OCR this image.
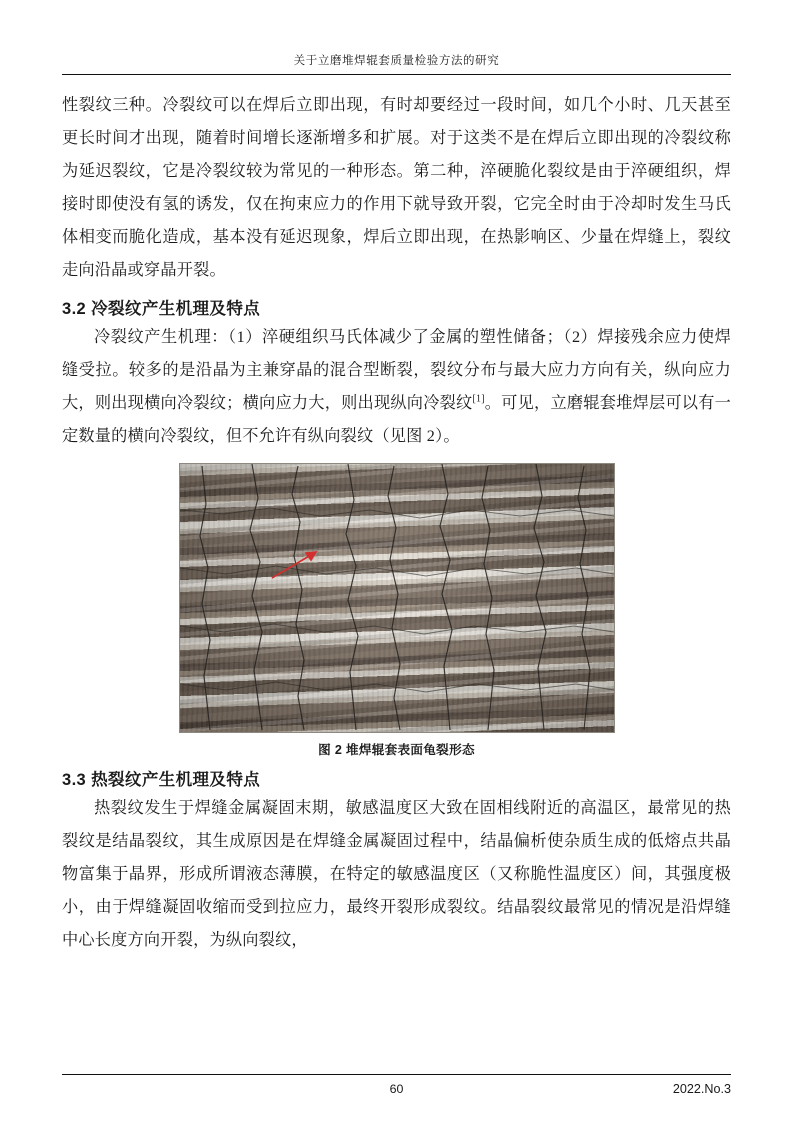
关于立磨堆焊辊套质量检验方法的研究

性裂纹三种。冷裂纹可以在焊后立即出现，有时却要经过一段时间，如几个小时、几天甚至更长时间才出现，随着时间增长逐渐增多和扩展。对于这类不是在焊后立即出现的冷裂纹称为延迟裂纹，它是冷裂纹较为常见的一种形态。第二种，淬硬脆化裂纹是由于淬硬组织，焊接时即使没有氢的诱发，仅在拘束应力的作用下就导致开裂，它完全时由于冷却时发生马氏体相变而脆化造成，基本没有延迟现象，焊后立即出现，在热影响区、少量在焊缝上，裂纹走向沿晶或穿晶开裂。

3.2 冷裂纹产生机理及特点

冷裂纹产生机理：（1）淬硬组织马氏体减少了金属的塑性储备；（2）焊接残余应力使焊缝受拉。较多的是沿晶为主兼穿晶的混合型断裂，裂纹分布与最大应力方向有关，纵向应力大，则出现横向冷裂纹；横向应力大，则出现纵向冷裂纹[1]。可见，立磨辊套堆焊层可以有一定数量的横向冷裂纹，但不允许有纵向裂纹（见图 2）。

图 2 堆焊辊套表面龟裂形态
3.3 热裂纹产生机理及特点

热裂纹发生于焊缝金属凝固末期，敏感温度区大致在固相线附近的高温区，最常见的热裂纹是结晶裂纹，其生成原因是在焊缝金属凝固过程中，结晶偏析使杂质生成的低熔点共晶物富集于晶界，形成所谓液态薄膜，在特定的敏感温度区（又称脆性温度区）间，其强度极小，由于焊缝凝固收缩而受到拉应力，最终开裂形成裂纹。结晶裂纹最常见的情况是沿焊缝中心长度方向开裂，为纵向裂纹，

60	2022.No.3
